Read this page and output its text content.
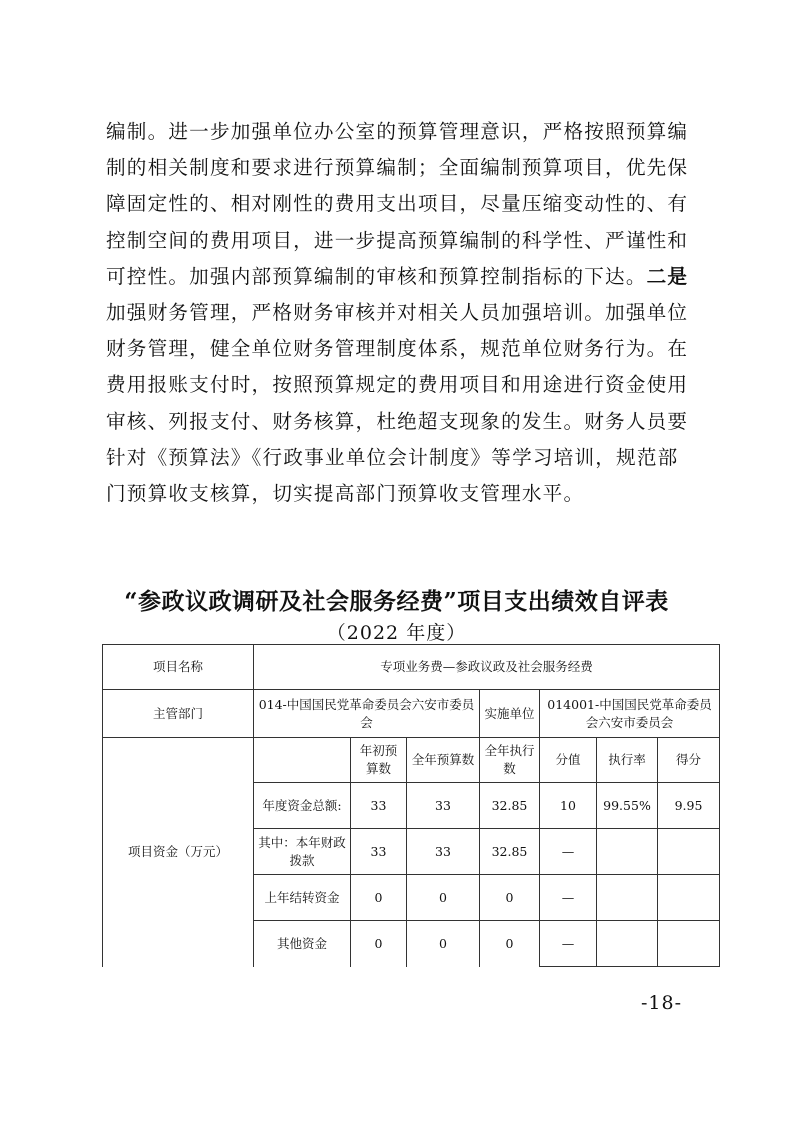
编制。进一步加强单位办公室的预算管理意识，严格按照预算编
制的相关制度和要求进行预算编制；全面编制预算项目，优先保
障固定性的、相对刚性的费用支出项目，尽量压缩变动性的、有
控制空间的费用项目，进一步提高预算编制的科学性、严谨性和
可控性。加强内部预算编制的审核和预算控制指标的下达。二是
加强财务管理，严格财务审核并对相关人员加强培训。加强单位
财务管理，健全单位财务管理制度体系，规范单位财务行为。在
费用报账支付时，按照预算规定的费用项目和用途进行资金使用
审核、列报支付、财务核算，杜绝超支现象的发生。财务人员要
针对《预算法》《行政事业单位会计制度》等学习培训，规范部
门预算收支核算，切实提高部门预算收支管理水平。
“参政议政调研及社会服务经费”项目支出绩效自评表
（2022 年度）
项目名称	专项业务费—参政议政及社会服务经费						
主管部门	014-中国国民党革命委员会六安市委员会			实施单位	014001-中国国民党革命委员会六安市委员会		
项目资金（万元）		年初预算数	全年预算数	全年执行数	分值	执行率	得分
	年度资金总额:	33	33	32.85	10	99.55%	9.95
	其中：本年财政拨款	33	33	32.85	—		
	上年结转资金	0	0	0	—		
	其他资金	0	0	0	—		
-18-
